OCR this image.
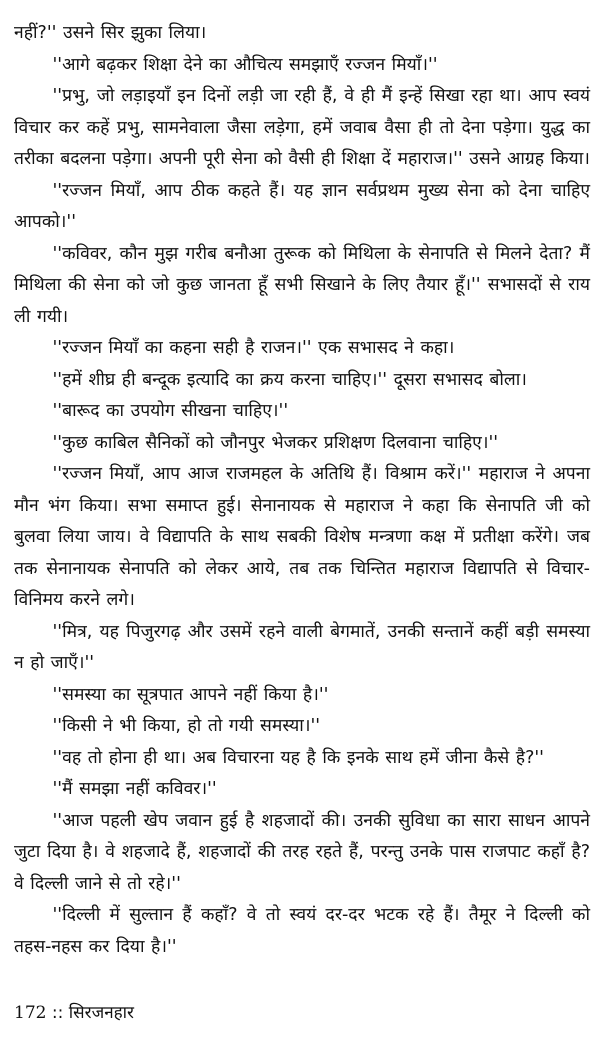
नहीं?'' उसने सिर झुका लिया।

''आगे बढ़कर शिक्षा देने का औचित्य समझाएँ रज्जन मियाँ।''

''प्रभु, जो लड़ाइयाँ इन दिनों लड़ी जा रही हैं, वे ही मैं इन्हें सिखा रहा था। आप स्वयं विचार कर कहें प्रभु, सामनेवाला जैसा लड़ेगा, हमें जवाब वैसा ही तो देना पड़ेगा। युद्ध का तरीका बदलना पड़ेगा। अपनी पूरी सेना को वैसी ही शिक्षा दें महाराज।'' उसने आग्रह किया।

''रज्जन मियाँ, आप ठीक कहते हैं। यह ज्ञान सर्वप्रथम मुख्य सेना को देना चाहिए आपको।''

''कविवर, कौन मुझ गरीब बनौआ तुरूक को मिथिला के सेनापति से मिलने देता? मैं मिथिला की सेना को जो कुछ जानता हूँ सभी सिखाने के लिए तैयार हूँ।'' सभासदों से राय ली गयी।

''रज्जन मियाँ का कहना सही है राजन।'' एक सभासद ने कहा।

''हमें शीघ्र ही बन्दूक इत्यादि का क्रय करना चाहिए।'' दूसरा सभासद बोला।

''बारूद का उपयोग सीखना चाहिए।''

''कुछ काबिल सैनिकों को जौनपुर भेजकर प्रशिक्षण दिलवाना चाहिए।''

''रज्जन मियाँ, आप आज राजमहल के अतिथि हैं। विश्राम करें।'' महाराज ने अपना मौन भंग किया। सभा समाप्त हुई। सेनानायक से महाराज ने कहा कि सेनापति जी को बुलवा लिया जाय। वे विद्यापति के साथ सबकी विशेष मन्त्रणा कक्ष में प्रतीक्षा करेंगे। जब तक सेनानायक सेनापति को लेकर आये, तब तक चिन्तित महाराज विद्यापति से विचार-विनिमय करने लगे।

''मित्र, यह पिजुरगढ़ और उसमें रहने वाली बेगमातें, उनकी सन्तानें कहीं बड़ी समस्या न हो जाएँ।''

''समस्या का सूत्रपात आपने नहीं किया है।''

''किसी ने भी किया, हो तो गयी समस्या।''

''वह तो होना ही था। अब विचारना यह है कि इनके साथ हमें जीना कैसे है?''

''मैं समझा नहीं कविवर।''

''आज पहली खेप जवान हुई है शहजादों की। उनकी सुविधा का सारा साधन आपने जुटा दिया है। वे शहजादे हैं, शहजादों की तरह रहते हैं, परन्तु उनके पास राजपाट कहाँ है? वे दिल्ली जाने से तो रहे।''

''दिल्ली में सुल्तान हैं कहाँ? वे तो स्वयं दर-दर भटक रहे हैं। तैमूर ने दिल्ली को तहस-नहस कर दिया है।''

172 :: सिरजनहार
